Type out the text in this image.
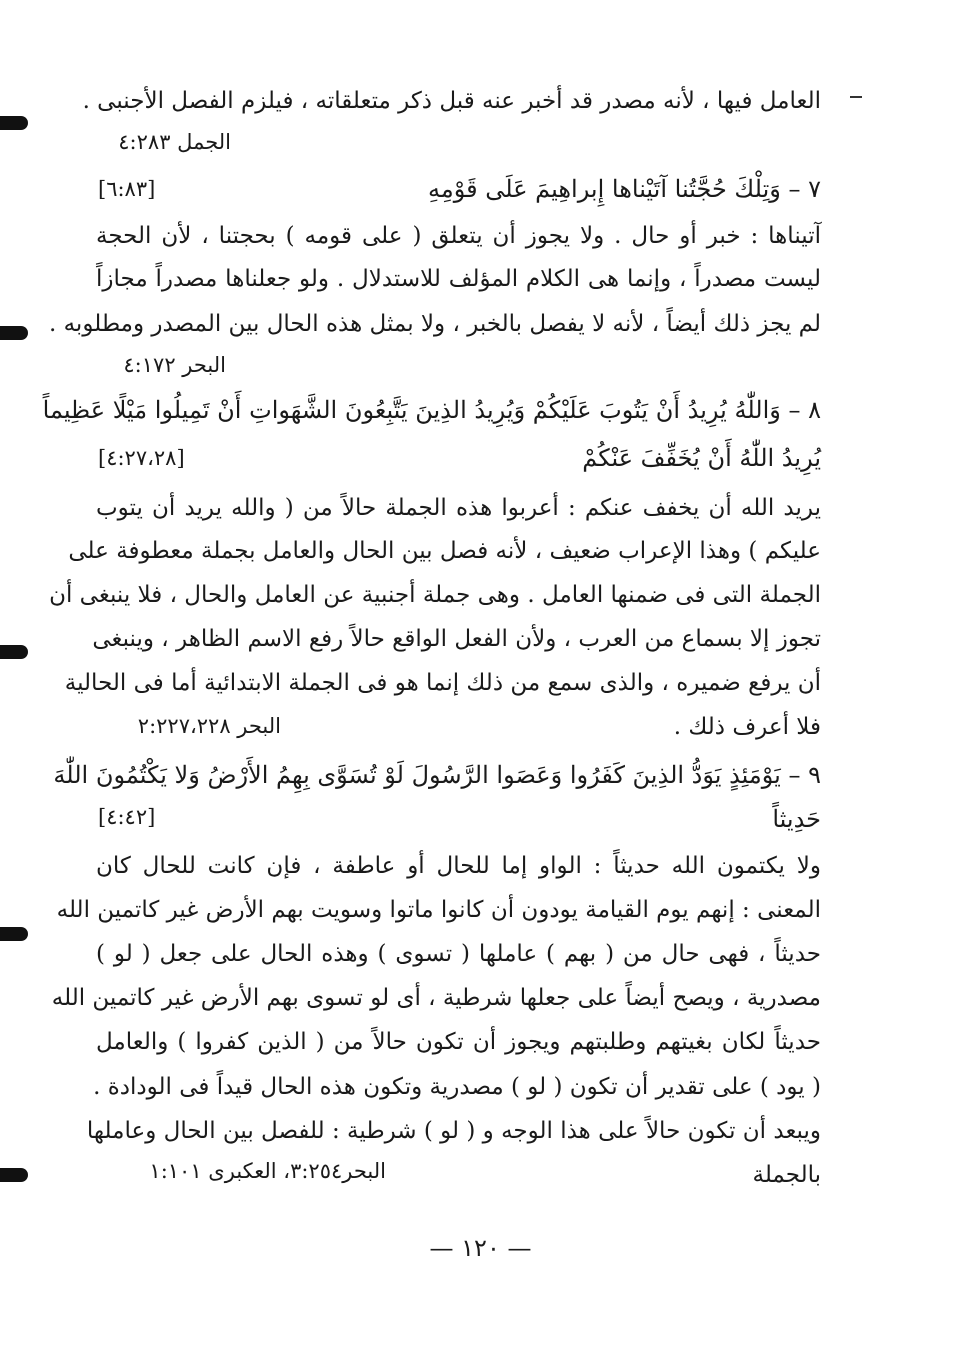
العامل فيها ، لأنه مصدر قد أخبر عنه قبل ذكر متعلقاته ، فيلزم الفصل الأجنبى .
الجمل ٤:٢٨٣
٧ – وَتِلْكَ حُجَّتُنا آتَيْناها إِبراهِيمَ عَلَى قَوْمِهِ
[٦:٨٣]
آتيناها : خبر أو حال . ولا يجوز أن يتعلق ( على قومه ) بحجتنا ، لأن الحجة
ليست مصدراً ، وإنما هى الكلام المؤلف للاستدلال . ولو جعلناها مصدراً مجازاً
لم يجز ذلك أيضاً ، لأنه لا يفصل بالخبر ، ولا بمثل هذه الحال بين المصدر ومطلوبه .
البحر ٤:١٧٢
٨ – وَاللّٰهُ يُرِيدُ أَنْ يَتُوبَ عَلَيْكُمْ وَيُرِيدُ الذِينَ يَتَّبِعُونَ الشَّهَواتِ أَنْ تَمِيلُوا مَيْلًا عَظِيماً
يُرِيدُ اللّٰهُ أَنْ يُخَفِّفَ عَنْكُمْ
[٤:٢٧،٢٨]
يريد الله أن يخفف عنكم : أعربوا هذه الجملة حالاً من ( والله يريد أن يتوب
عليكم ) وهذا الإعراب ضعيف ، لأنه فصل بين الحال والعامل بجملة معطوفة على
الجملة التى فى ضمنها العامل . وهى جملة أجنبية عن العامل والحال ، فلا ينبغى أن
تجوز إلا بسماع من العرب ، ولأن الفعل الواقع حالاً رفع الاسم الظاهر ، وينبغى
أن يرفع ضميره ، والذى سمع من ذلك إنما هو فى الجملة الابتدائية أما فى الحالية
فلا أعرف ذلك .
البحر ٢:٢٢٧،٢٢٨
٩ – يَوْمَئِذٍ يَوَدُّ الذِينَ كَفَرُوا وَعَصَوا الرَّسُولَ لَوْ تُسَوَّى بِهِمُ الأَرْضُ وَلا يَكْتُمُونَ اللّٰهَ
حَدِيثاً
[٤:٤٢]
ولا يكتمون الله حديثاً : الواو إما للحال أو عاطفة ، فإن كانت للحال كان
المعنى : إنهم يوم القيامة يودون أن كانوا ماتوا وسويت بهم الأرض غير كاتمين الله
حديثاً ، فهى حال من ( بهم ) عاملها ( تسوى ) وهذه الحال على جعل ( لو )
مصدرية ، ويصح أيضاً على جعلها شرطية ، أى لو تسوى بهم الأرض غير كاتمين الله
حديثاً لكان بغيتهم وطلبتهم ويجوز أن تكون حالاً من ( الذين كفروا ) والعامل
( يود ) على تقدير أن تكون ( لو ) مصدرية وتكون هذه الحال قيداً فى الودادة .
ويبعد أن تكون حالاً على هذا الوجه و ( لو ) شرطية : للفصل بين الحال وعاملها
بالجملة
البحر٣:٢٥٤، العكبرى ١:١٠١
— ١٢٠ —
